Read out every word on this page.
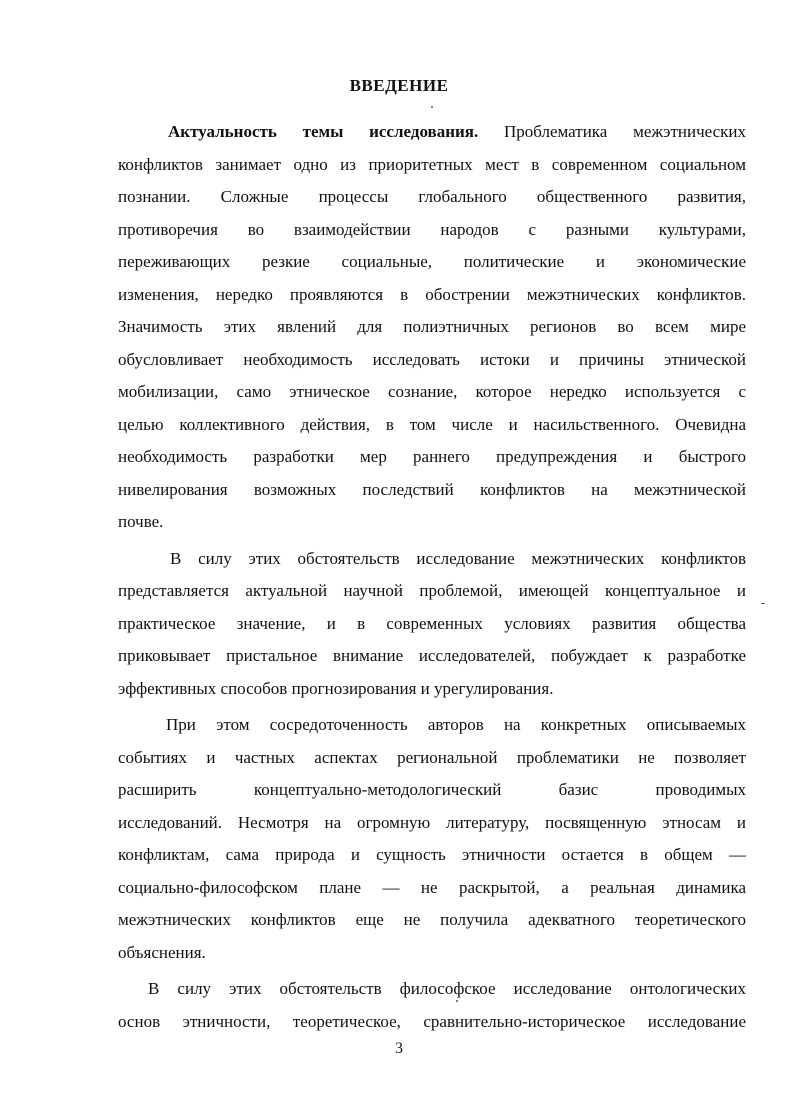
ВВЕДЕНИЕ
Актуальность темы исследования. Проблематика межэтнических
конфликтов занимает одно из приоритетных мест в современном социальном
познании. Сложные процессы глобального общественного развития,
противоречия во взаимодействии народов с разными культурами,
переживающих резкие социальные, политические и экономические
изменения, нередко проявляются в обострении межэтнических конфликтов.
Значимость этих явлений для полиэтничных регионов во всем мире
обусловливает необходимость исследовать истоки и причины этнической
мобилизации, само этническое сознание, которое нередко используется с
целью коллективного действия, в том числе и насильственного. Очевидна
необходимость разработки мер раннего предупреждения и быстрого
нивелирования возможных последствий конфликтов на межэтнической
почве.
В силу этих обстоятельств исследование межэтнических конфликтов
представляется актуальной научной проблемой, имеющей концептуальное и
практическое значение, и в современных условиях развития общества
приковывает пристальное внимание исследователей, побуждает к разработке
эффективных способов прогнозирования и урегулирования.
При этом сосредоточенность авторов на конкретных описываемых
событиях и частных аспектах региональной проблематики не позволяет
расширить концептуально-методологический базис проводимых
исследований. Несмотря на огромную литературу, посвященную этносам и
конфликтам, сама природа и сущность этничности остается в общем —
социально-философском плане — не раскрытой, а реальная динамика
межэтнических конфликтов еще не получила адекватного теоретического
объяснения.
В силу этих обстоятельств философское исследование онтологических
основ этничности, теоретическое, сравнительно-историческое исследование
3
